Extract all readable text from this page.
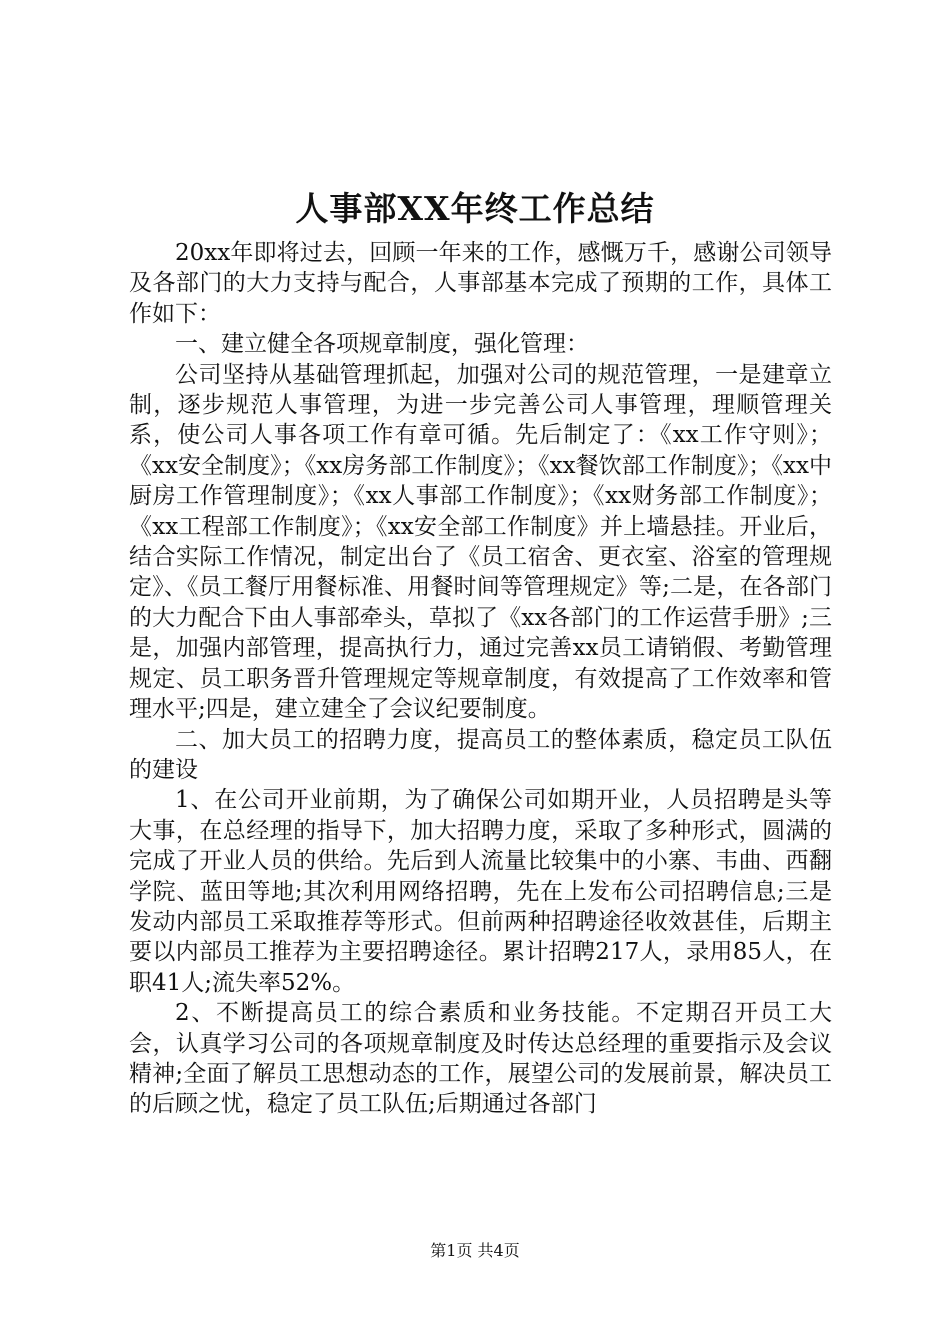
人事部XX年终工作总结

20xx年即将过去，回顾一年来的工作，感慨万千，感谢公司领导及各部门的大力支持与配合，人事部基本完成了预期的工作，具体工作如下：

一、建立健全各项规章制度，强化管理：

公司坚持从基础管理抓起，加强对公司的规范管理，一是建章立制，逐步规范人事管理，为进一步完善公司人事管理，理顺管理关系，使公司人事各项工作有章可循。先后制定了：《xx工作守则》；《xx安全制度》；《xx房务部工作制度》；《xx餐饮部工作制度》；《xx中厨房工作管理制度》；《xx人事部工作制度》；《xx财务部工作制度》；《xx工程部工作制度》；《xx安全部工作制度》并上墙悬挂。开业后，结合实际工作情况，制定出台了《员工宿舍、更衣室、浴室的管理规定》、《员工餐厅用餐标准、用餐时间等管理规定》等;二是，在各部门的大力配合下由人事部牵头，草拟了《xx各部门的工作运营手册》;三是，加强内部管理，提高执行力，通过完善xx员工请销假、考勤管理规定、员工职务晋升管理规定等规章制度，有效提高了工作效率和管理水平;四是，建立建全了会议纪要制度。

二、加大员工的招聘力度，提高员工的整体素质，稳定员工队伍的建设

1、在公司开业前期，为了确保公司如期开业，人员招聘是头等大事，在总经理的指导下，加大招聘力度，采取了多种形式，圆满的完成了开业人员的供给。先后到人流量比较集中的小寨、韦曲、西翻学院、蓝田等地;其次利用网络招聘，先在上发布公司招聘信息;三是发动内部员工采取推荐等形式。但前两种招聘途径收效甚佳，后期主要以内部员工推荐为主要招聘途径。累计招聘217人，录用85人，在职41人;流失率52%。

2、不断提高员工的综合素质和业务技能。不定期召开员工大会，认真学习公司的各项规章制度及时传达总经理的重要指示及会议精神;全面了解员工思想动态的工作，展望公司的发展前景，解决员工的后顾之忧，稳定了员工队伍;后期通过各部门

第1页 共4页
